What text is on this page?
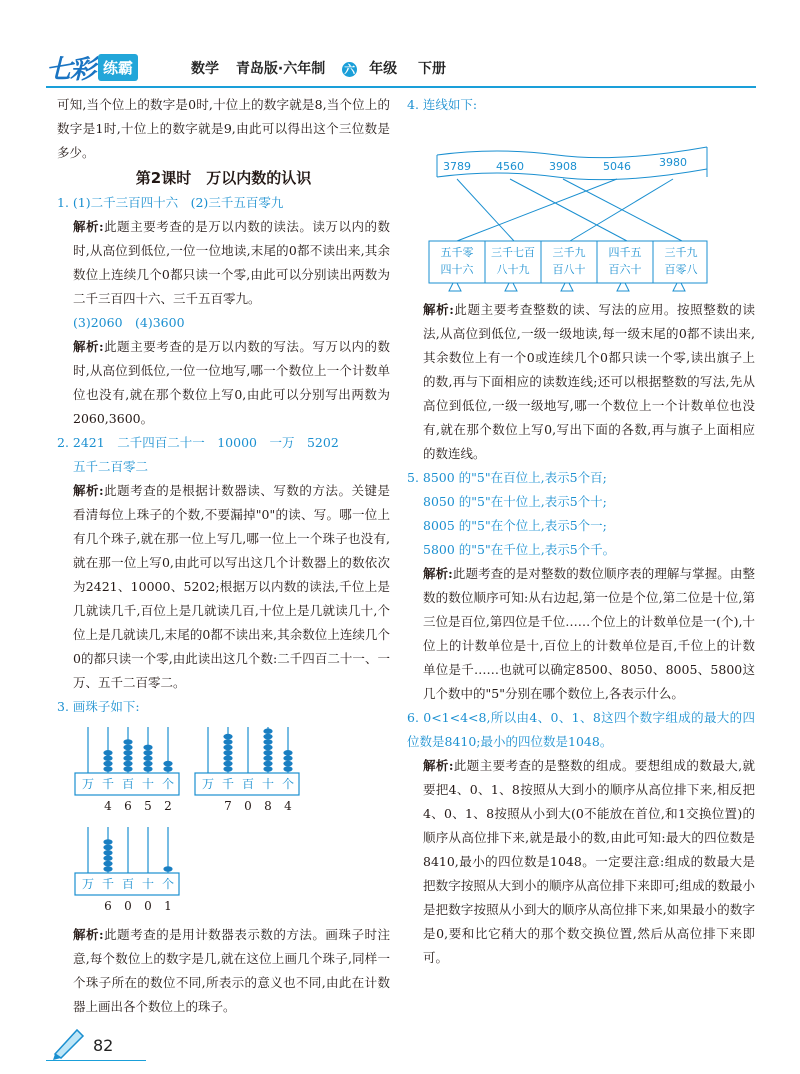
七彩 练霸	数学 青岛版·六年制 六 年级 下册
可知,当个位上的数字是0时,十位上的数字就是8,当个位上的数字是1时,十位上的数字就是9,由此可以得出这个三位数是多少。
第2课时　万以内数的认识
1. (1)二千三百四十六　(2)三千五百零九
解析:此题主要考查的是万以内数的读法。读万以内的数时,从高位到低位,一位一位地读,末尾的0都不读出来,其余数位上连续几个0都只读一个零,由此可以分别读出两数为二千三百四十六、三千五百零九。
(3)2060　(4)3600
解析:此题主要考查的是万以内数的写法。写万以内的数时,从高位到低位,一位一位地写,哪一个数位上一个计数单位也没有,就在那个数位上写0,由此可以分别写出两数为2060,3600。
2. 2421　二千四百二十一　10000　一万　5202
五千二百零二
解析:此题考查的是根据计数器读、写数的方法。关键是看清每位上珠子的个数,不要漏掉"0"的读、写。哪一位上有几个珠子,就在那一位上写几,哪一位上一个珠子也没有,就在那一位上写0,由此可以写出这几个计数器上的数依次为2421、10000、5202;根据万以内数的读法,千位上是几就读几千,百位上是几就读几百,十位上是几就读几十,个位上是几就读几,末尾的0都不读出来,其余数位上连续几个0的都只读一个零,由此读出这几个数:二千四百二十一、一万、五千二百零二。
3. 画珠子如下:
万 千 百 十 个
4	6	5	2
万 千 百 十 个
7	0	8	4
万 千 百 十 个
6	0	0	1
解析:此题考查的是用计数器表示数的方法。画珠子时注意,每个数位上的数字是几,就在这位上画几个珠子,同样一个珠子所在的数位不同,所表示的意义也不同,由此在计数器上画出各个数位上的珠子。
4. 连线如下:
3789	4560	3908	5046	3980
五千零
四十六
三千七百
八十九
三千九
百八十
四千五
百六十
三千九
百零八
解析:此题主要考查整数的读、写法的应用。按照整数的读法,从高位到低位,一级一级地读,每一级末尾的0都不读出来,其余数位上有一个0或连续几个0都只读一个零,读出旗子上的数,再与下面相应的读数连线;还可以根据整数的写法,先从高位到低位,一级一级地写,哪一个数位上一个计数单位也没有,就在那个数位上写0,写出下面的各数,再与旗子上面相应的数连线。
5. 8500 的"5"在百位上,表示5个百;
8050 的"5"在十位上,表示5个十;
8005 的"5"在个位上,表示5个一;
5800 的"5"在千位上,表示5个千。
解析:此题考查的是对整数的数位顺序表的理解与掌握。由整数的数位顺序可知:从右边起,第一位是个位,第二位是十位,第三位是百位,第四位是千位……个位上的计数单位是一(个),十位上的计数单位是十,百位上的计数单位是百,千位上的计数单位是千……也就可以确定8500、8050、8005、5800这几个数中的"5"分别在哪个数位上,各表示什么。
6. 0<1<4<8,所以由4、0、1、8这四个数字组成的最大的四位数是8410;最小的四位数是1048。
解析:此题主要考查的是整数的组成。要想组成的数最大,就要把4、0、1、8按照从大到小的顺序从高位排下来,相反把4、0、1、8按照从小到大(0不能放在首位,和1交换位置)的顺序从高位排下来,就是最小的数,由此可知:最大的四位数是8410,最小的四位数是1048。一定要注意:组成的数最大是把数字按照从大到小的顺序从高位排下来即可;组成的数最小是把数字按照从小到大的顺序从高位排下来,如果最小的数字是0,要和比它稍大的那个数交换位置,然后从高位排下来即可。
82
